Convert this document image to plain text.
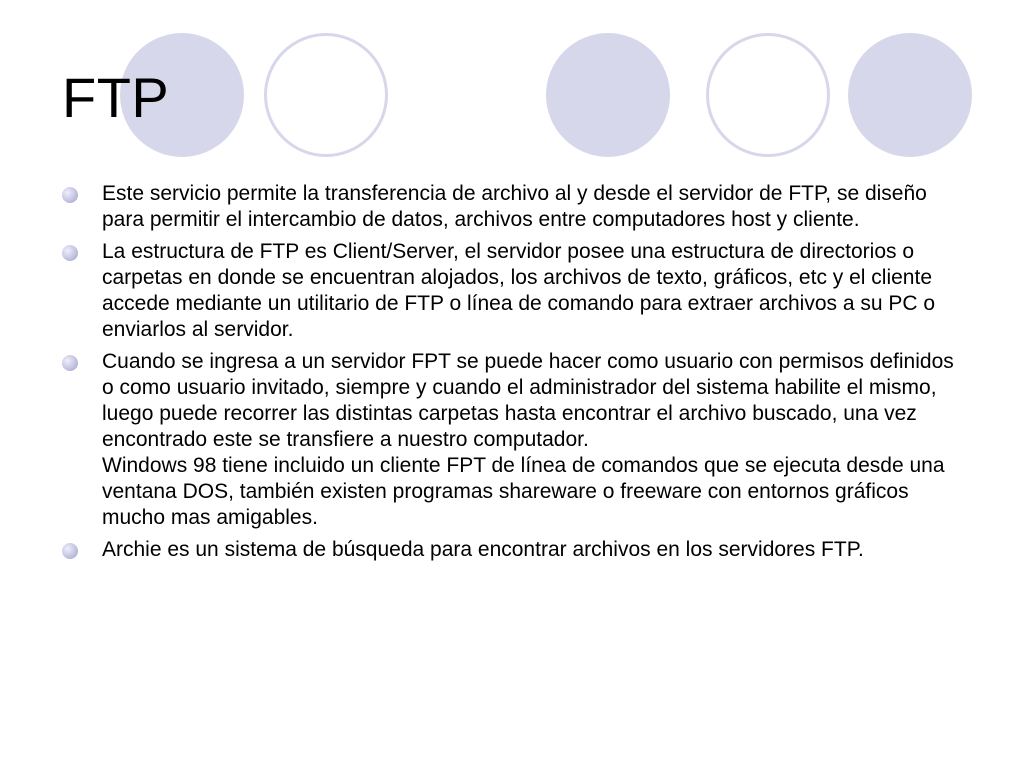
FTP
Este servicio permite la transferencia de archivo al y desde el servidor de FTP, se diseño para permitir el intercambio de datos, archivos entre computadores host y cliente.
La estructura de FTP es Client/Server, el servidor posee una estructura de directorios o carpetas en donde se encuentran alojados, los archivos de texto, gráficos, etc y el cliente accede mediante un utilitario de FTP o línea de comando para extraer archivos a su PC o enviarlos al servidor.
Cuando se ingresa a un servidor FPT se puede hacer como usuario con permisos definidos o como usuario invitado, siempre y cuando el administrador del sistema habilite el mismo, luego puede recorrer las distintas carpetas hasta encontrar el archivo buscado, una vez encontrado este se transfiere a nuestro computador.
Windows 98 tiene incluido un cliente FPT de línea de comandos que se ejecuta desde una ventana DOS, también existen programas shareware o freeware con entornos gráficos mucho mas amigables.
Archie es un sistema de búsqueda para encontrar archivos en los servidores FTP.
